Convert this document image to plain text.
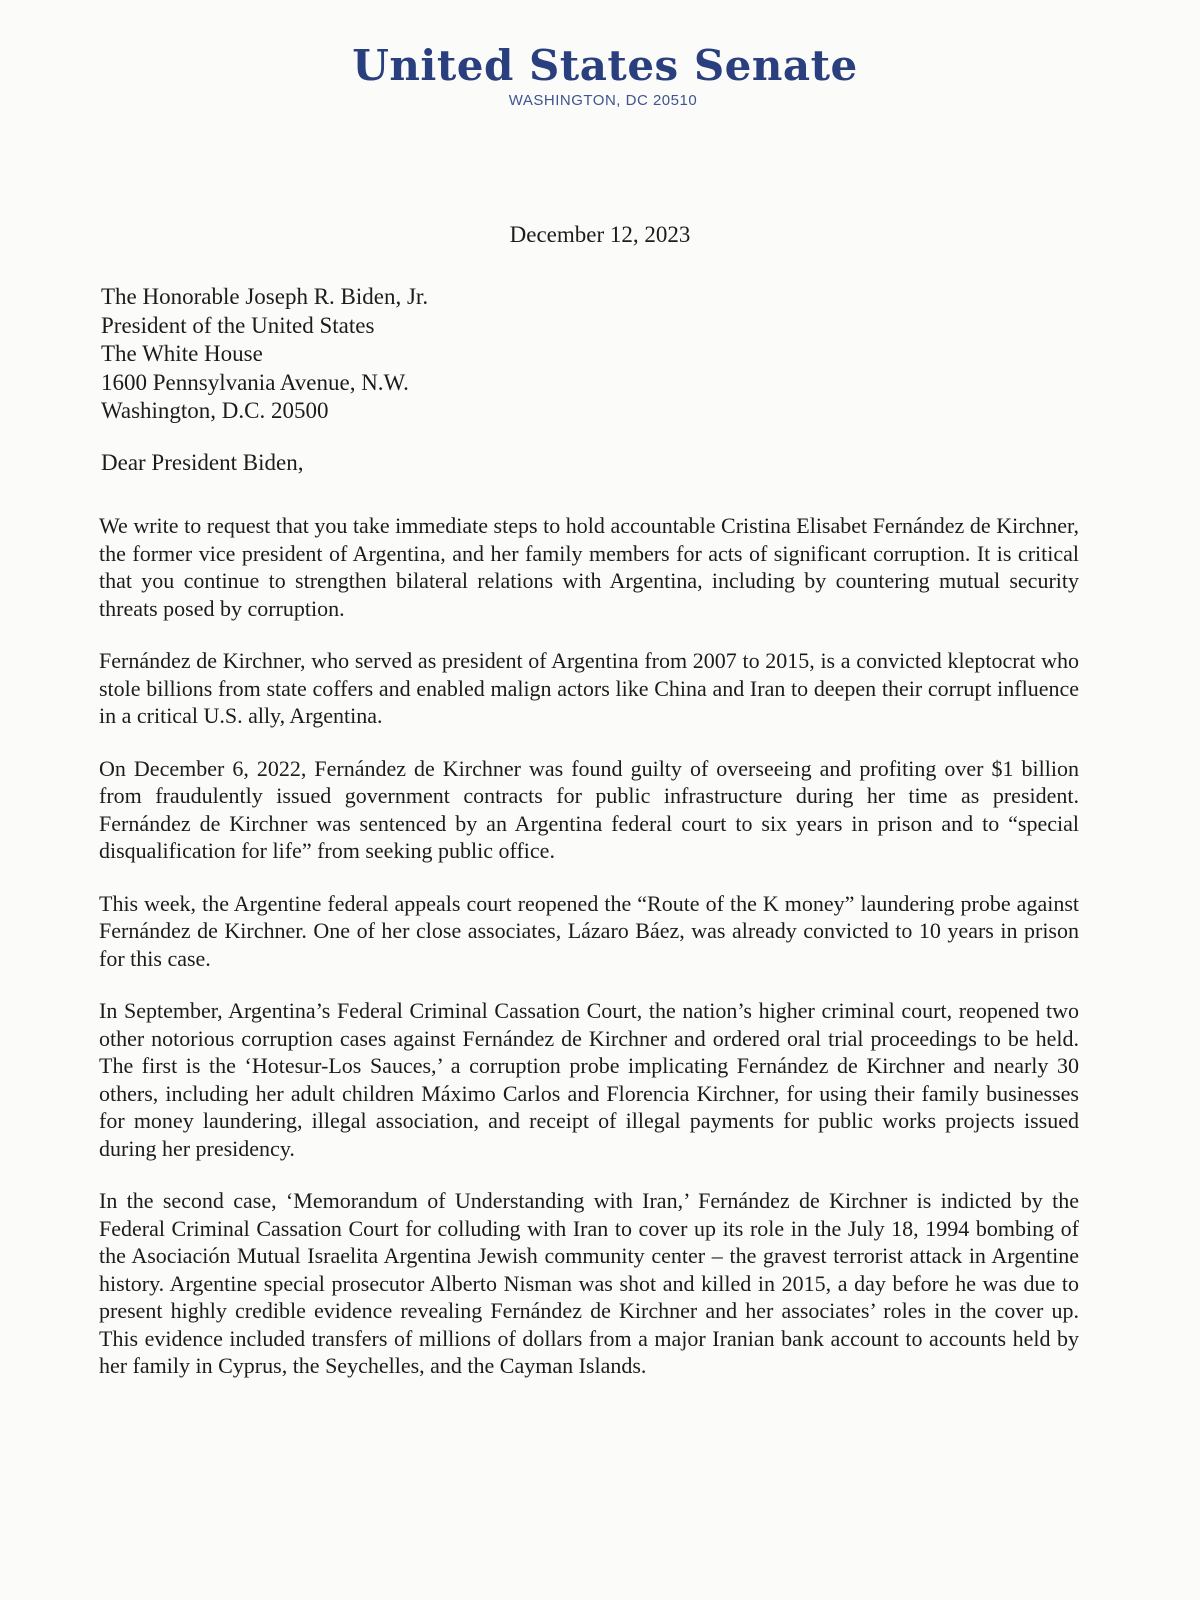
United States Senate
WASHINGTON, DC 20510
December 12, 2023
The Honorable Joseph R. Biden, Jr.
President of the United States
The White House
1600 Pennsylvania Avenue, N.W.
Washington, D.C. 20500
Dear President Biden,

We write to request that you take immediate steps to hold accountable Cristina Elisabet Fernández de Kirchner, the former vice president of Argentina, and her family members for acts of significant corruption. It is critical that you continue to strengthen bilateral relations with Argentina, including by countering mutual security threats posed by corruption.

Fernández de Kirchner, who served as president of Argentina from 2007 to 2015, is a convicted kleptocrat who stole billions from state coffers and enabled malign actors like China and Iran to deepen their corrupt influence in a critical U.S. ally, Argentina.

On December 6, 2022, Fernández de Kirchner was found guilty of overseeing and profiting over $1 billion from fraudulently issued government contracts for public infrastructure during her time as president. Fernández de Kirchner was sentenced by an Argentina federal court to six years in prison and to “special disqualification for life” from seeking public office.

This week, the Argentine federal appeals court reopened the “Route of the K money” laundering probe against Fernández de Kirchner. One of her close associates, Lázaro Báez, was already convicted to 10 years in prison for this case.

In September, Argentina’s Federal Criminal Cassation Court, the nation’s higher criminal court, reopened two other notorious corruption cases against Fernández de Kirchner and ordered oral trial proceedings to be held. The first is the ‘Hotesur-Los Sauces,’ a corruption probe implicating Fernández de Kirchner and nearly 30 others, including her adult children Máximo Carlos and Florencia Kirchner, for using their family businesses for money laundering, illegal association, and receipt of illegal payments for public works projects issued during her presidency.

In the second case, ‘Memorandum of Understanding with Iran,’ Fernández de Kirchner is indicted by the Federal Criminal Cassation Court for colluding with Iran to cover up its role in the July 18, 1994 bombing of the Asociación Mutual Israelita Argentina Jewish community center – the gravest terrorist attack in Argentine history. Argentine special prosecutor Alberto Nisman was shot and killed in 2015, a day before he was due to present highly credible evidence revealing Fernández de Kirchner and her associates’ roles in the cover up. This evidence included transfers of millions of dollars from a major Iranian bank account to accounts held by her family in Cyprus, the Seychelles, and the Cayman Islands.
